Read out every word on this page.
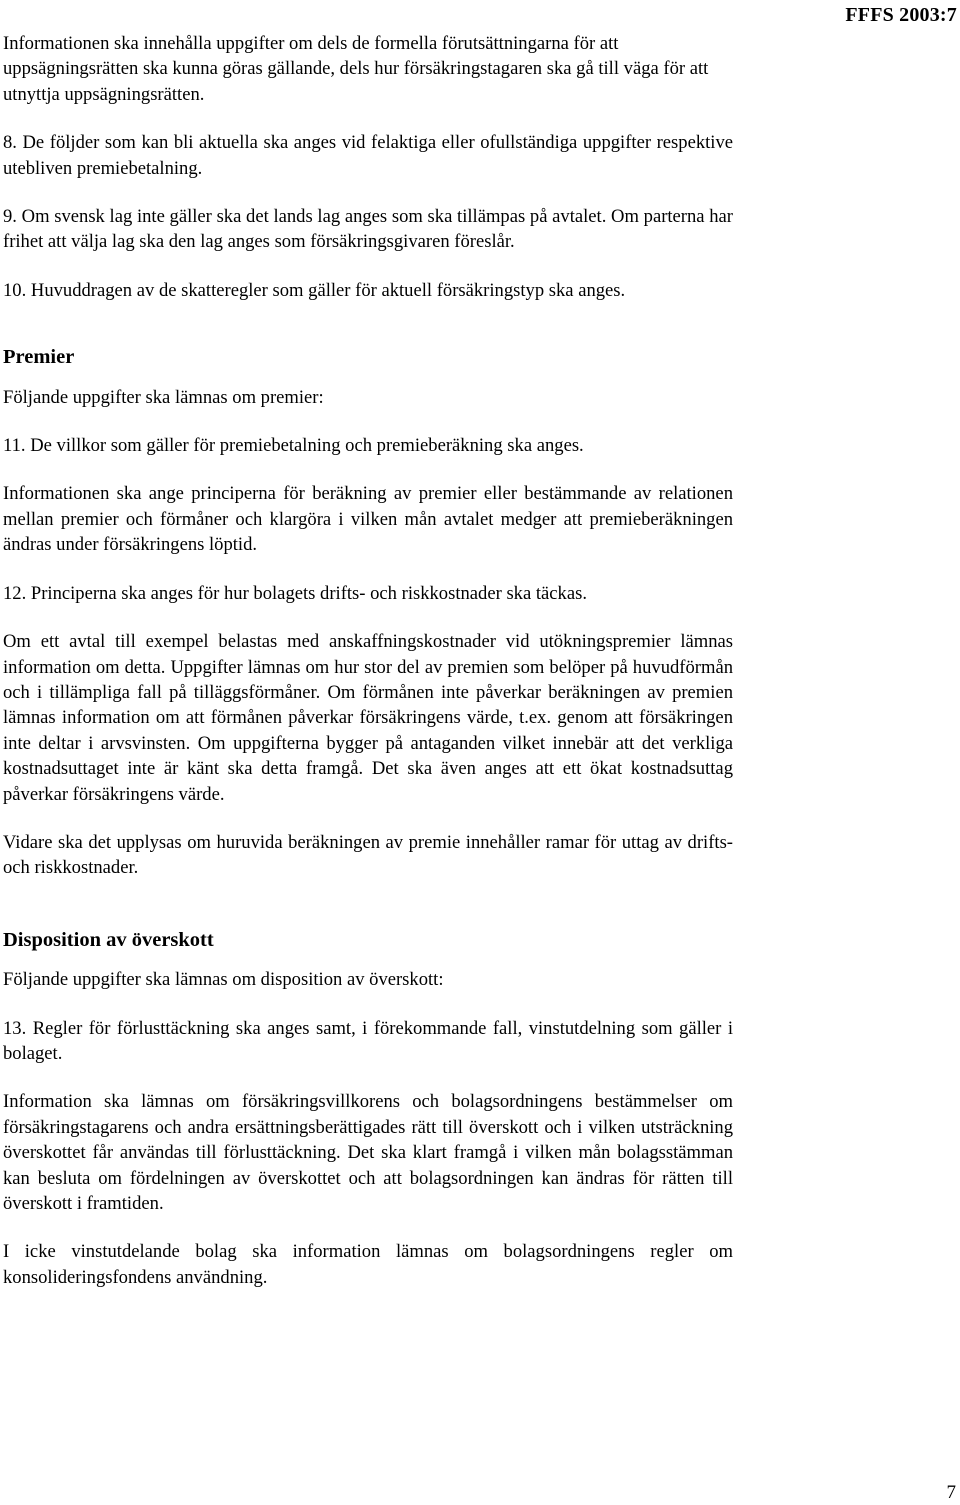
FFFS 2003:7

Informationen ska innehålla uppgifter om dels de formella förutsättningarna för att uppsägningsrätten ska kunna göras gällande, dels hur försäkringstagaren ska gå till väga för att utnyttja uppsägningsrätten.

8. De följder som kan bli aktuella ska anges vid felaktiga eller ofullständiga uppgifter respektive utebliven premiebetalning.

9. Om svensk lag inte gäller ska det lands lag anges som ska tillämpas på avtalet. Om parterna har frihet att välja lag ska den lag anges som försäkringsgivaren föreslår.

10. Huvuddragen av de skatteregler som gäller för aktuell försäkringstyp ska anges.

Premier

Följande uppgifter ska lämnas om premier:

11. De villkor som gäller för premiebetalning och premieberäkning ska anges.

Informationen ska ange principerna för beräkning av premier eller bestämmande av relationen mellan premier och förmåner och klargöra i vilken mån avtalet medger att premieberäkningen ändras under försäkringens löptid.

12. Principerna ska anges för hur bolagets drifts- och riskkostnader ska täckas.

Om ett avtal till exempel belastas med anskaffningskostnader vid utökningspremier lämnas information om detta. Uppgifter lämnas om hur stor del av premien som belöper på huvudförmån och i tillämpliga fall på tilläggsförmåner. Om förmånen inte påverkar beräkningen av premien lämnas information om att förmånen påverkar försäkringens värde, t.ex. genom att försäkringen inte deltar i arvsvinsten. Om uppgifterna bygger på antaganden vilket innebär att det verkliga kostnadsuttaget inte är känt ska detta framgå. Det ska även anges att ett ökat kostnadsuttag påverkar försäkringens värde.

Vidare ska det upplysas om huruvida beräkningen av premie innehåller ramar för uttag av drifts- och riskkostnader.

Disposition av överskott

Följande uppgifter ska lämnas om disposition av överskott:

13. Regler för förlusttäckning ska anges samt, i förekommande fall, vinstutdelning som gäller i bolaget.

Information ska lämnas om försäkringsvillkorens och bolagsordningens bestämmelser om försäkringstagarens och andra ersättningsberättigades rätt till överskott och i vilken utsträckning överskottet får användas till förlusttäckning. Det ska klart framgå i vilken mån bolagsstämman kan besluta om fördelningen av överskottet och att bolagsordningen kan ändras för rätten till överskott i framtiden.

I icke vinstutdelande bolag ska information lämnas om bolagsordningens regler om konsolideringsfondens användning.

7
